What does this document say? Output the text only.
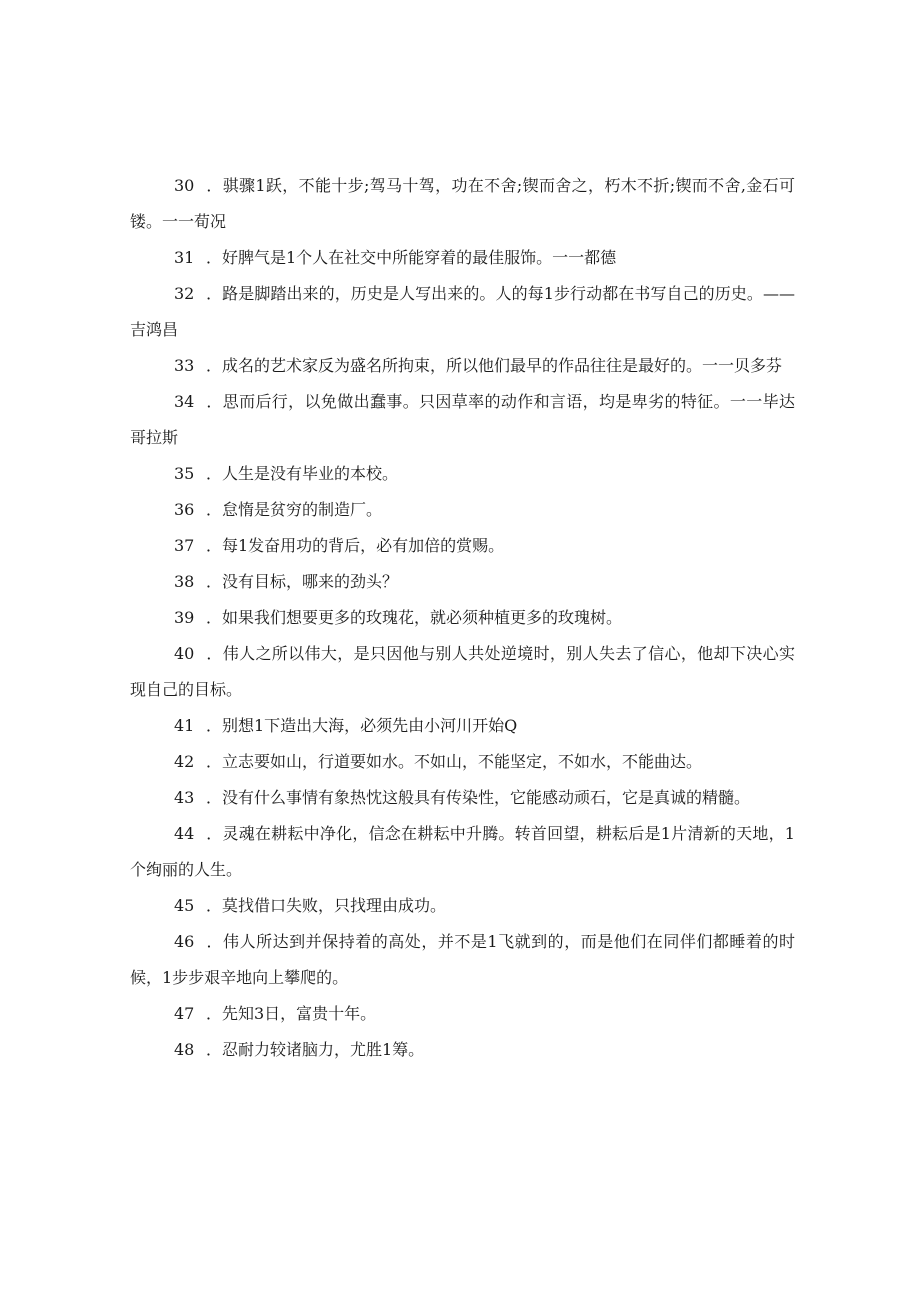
30 ．骐骤1跃，不能十步;驾马十驾，功在不舍;锲而舍之，朽木不折;锲而不舍,金石可镂。一一荀况

31 ．好脾气是1个人在社交中所能穿着的最佳服饰。一一都德

32 ．路是脚踏出来的，历史是人写出来的。人的每1步行动都在书写自己的历史。——吉鸿昌

33 ．成名的艺术家反为盛名所拘束，所以他们最早的作品往往是最好的。一一贝多芬

34 ．思而后行，以免做出蠢事。只因草率的动作和言语，均是卑劣的特征。一一毕达哥拉斯

35 ．人生是没有毕业的本校。

36 ．怠惰是贫穷的制造厂。

37 ．每1发奋用功的背后，必有加倍的赏赐。

38 ．没有目标，哪来的劲头？

39 ．如果我们想要更多的玫瑰花，就必须种植更多的玫瑰树。

40 ．伟人之所以伟大，是只因他与别人共处逆境时，别人失去了信心，他却下决心实现自己的目标。

41 ．别想1下造出大海，必须先由小河川开始Q

42 ．立志要如山，行道要如水。不如山，不能坚定，不如水，不能曲达。

43 ．没有什么事情有象热忱这般具有传染性，它能感动顽石，它是真诚的精髓。

44 ．灵魂在耕耘中净化，信念在耕耘中升腾。转首回望，耕耘后是1片清新的天地，1个绚丽的人生。

45 ．莫找借口失败，只找理由成功。

46 ．伟人所达到并保持着的高处，并不是1飞就到的，而是他们在同伴们都睡着的时候，1步步艰辛地向上攀爬的。

47 ．先知3日，富贵十年。

48 ．忍耐力较诸脑力，尤胜1筹。
